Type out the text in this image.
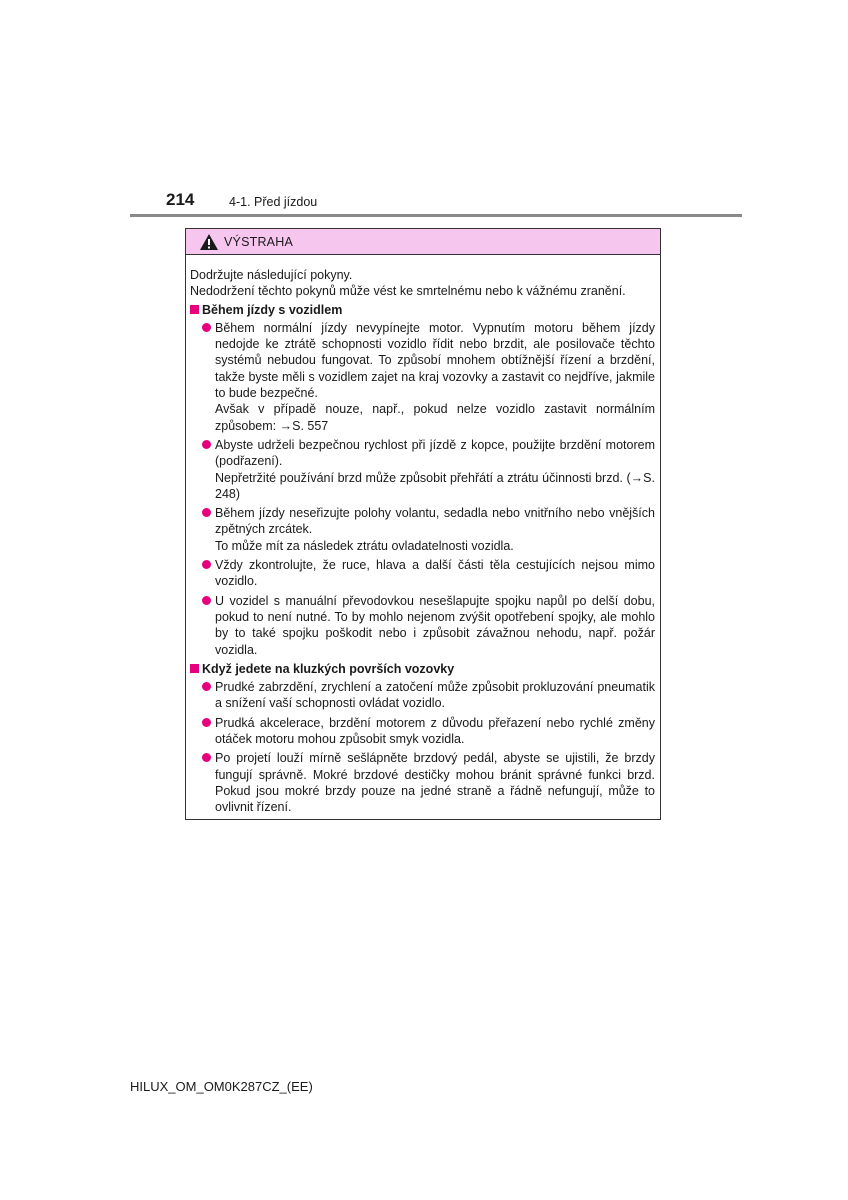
214	4-1. Před jízdou
VÝSTRAHA
Dodržujte následující pokyny.
Nedodržení těchto pokynů může vést ke smrtelnému nebo k vážnému zranění.
Během jízdy s vozidlem
Během normální jízdy nevypínejte motor. Vypnutím motoru během jízdy nedojde ke ztrátě schopnosti vozidlo řídit nebo brzdit, ale posilovače těchto systémů nebudou fungovat. To způsobí mnohem obtížnější řízení a brzdění, takže byste měli s vozidlem zajet na kraj vozovky a zastavit co nejdříve, jakmile to bude bezpečné.
Avšak v případě nouze, např., pokud nelze vozidlo zastavit normálním způsobem: →S. 557
Abyste udrželi bezpečnou rychlost při jízdě z kopce, použijte brzdění motorem (podřazení).
Nepřetržité používání brzd může způsobit přehřátí a ztrátu účinnosti brzd. (→S. 248)
Během jízdy neseřizujte polohy volantu, sedadla nebo vnitřního nebo vnějších zpětných zrcátek.
To může mít za následek ztrátu ovladatelnosti vozidla.
Vždy zkontrolujte, že ruce, hlava a další části těla cestujících nejsou mimo vozidlo.
U vozidel s manuální převodovkou nesešlapujte spojku napůl po delší dobu, pokud to není nutné. To by mohlo nejenom zvýšit opotřebení spojky, ale mohlo by to také spojku poškodit nebo i způsobit závažnou nehodu, např. požár vozidla.
Když jedete na kluzkých površích vozovky
Prudké zabrzdění, zrychlení a zatočení může způsobit prokluzování pneumatik a snížení vaší schopnosti ovládat vozidlo.
Prudká akcelerace, brzdění motorem z důvodu přeřazení nebo rychlé změny otáček motoru mohou způsobit smyk vozidla.
Po projetí louží mírně sešlápněte brzdový pedál, abyste se ujistili, že brzdy fungují správně. Mokré brzdové destičky mohou bránit správné funkci brzd. Pokud jsou mokré brzdy pouze na jedné straně a řádně nefungují, může to ovlivnit řízení.
HILUX_OM_OM0K287CZ_(EE)
